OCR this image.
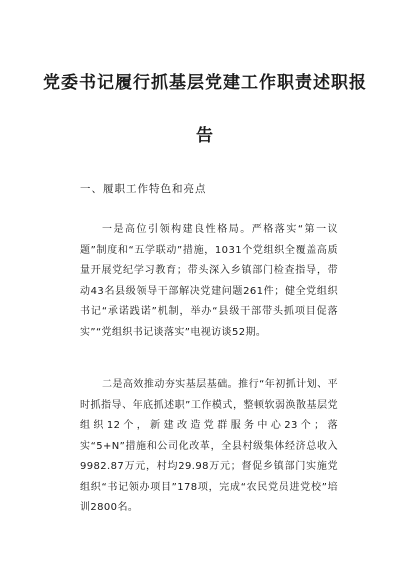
党委书记履行抓基层党建工作职责述职报
告

一、履职工作特色和亮点

一是高位引领构建良性格局。严格落实“第一议题”制度和“五学联动”措施，1031个党组织全覆盖高质量开展党纪学习教育；带头深入乡镇部门检查指导，带动43名县级领导干部解决党建问题261件；健全党组织书记“承诺践诺”机制，举办“县级干部带头抓项目促落实”“党组织书记谈落实”电视访谈52期。

二是高效推动夯实基层基础。推行“年初抓计划、平时抓指导、年底抓述职”工作模式，整顿软弱涣散基层党组织12个，新建改造党群服务中心23个；落实“5+N”措施和公司化改革，全县村级集体经济总收入9982.87万元，村均29.98万元；督促乡镇部门实施党组织“书记领办项目”178项，完成“农民党员进党校”培训2800名。
